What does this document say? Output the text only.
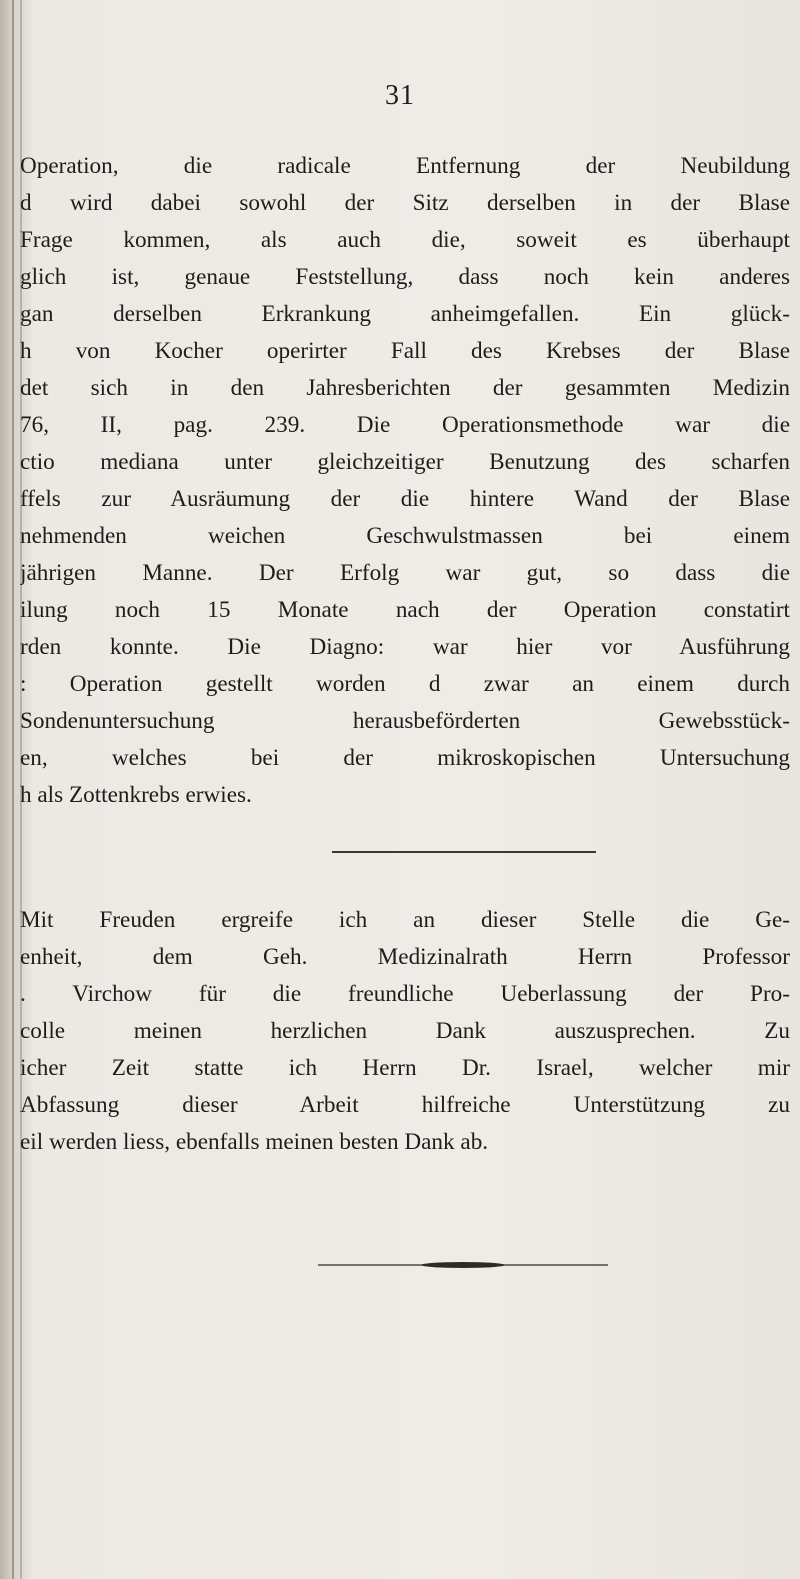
31
Operation, die radicale Entfernung der Neubildung
d wird dabei sowohl der Sitz derselben in der Blase
Frage kommen, als auch die, soweit es überhaupt
glich ist, genaue Feststellung, dass noch kein anderes
gan derselben Erkrankung anheimgefallen. Ein glück-
h von Kocher operirter Fall des Krebses der Blase
det sich in den Jahresberichten der gesammten Medizin
76, II, pag. 239. Die Operationsmethode war die
ctio mediana unter gleichzeitiger Benutzung des scharfen
ffels zur Ausräumung der die hintere Wand der Blase
nehmenden weichen Geschwulstmassen bei einem
jährigen Manne. Der Erfolg war gut, so dass die
ilung noch 15 Monate nach der Operation constatirt
rden konnte. Die Diagno: war hier vor Ausführung
: Operation gestellt worden d zwar an einem durch
Sondenuntersuchung herausbeförderten Gewebsstück-
en, welches bei der mikroskopischen Untersuchung
h als Zottenkrebs erwies.
Mit Freuden ergreife ich an dieser Stelle die Ge-
enheit, dem Geh. Medizinalrath Herrn Professor
. Virchow für die freundliche Ueberlassung der Pro-
colle meinen herzlichen Dank auszusprechen. Zu
icher Zeit statte ich Herrn Dr. Israel, welcher mir
Abfassung dieser Arbeit hilfreiche Unterstützung zu
eil werden liess, ebenfalls meinen besten Dank ab.
